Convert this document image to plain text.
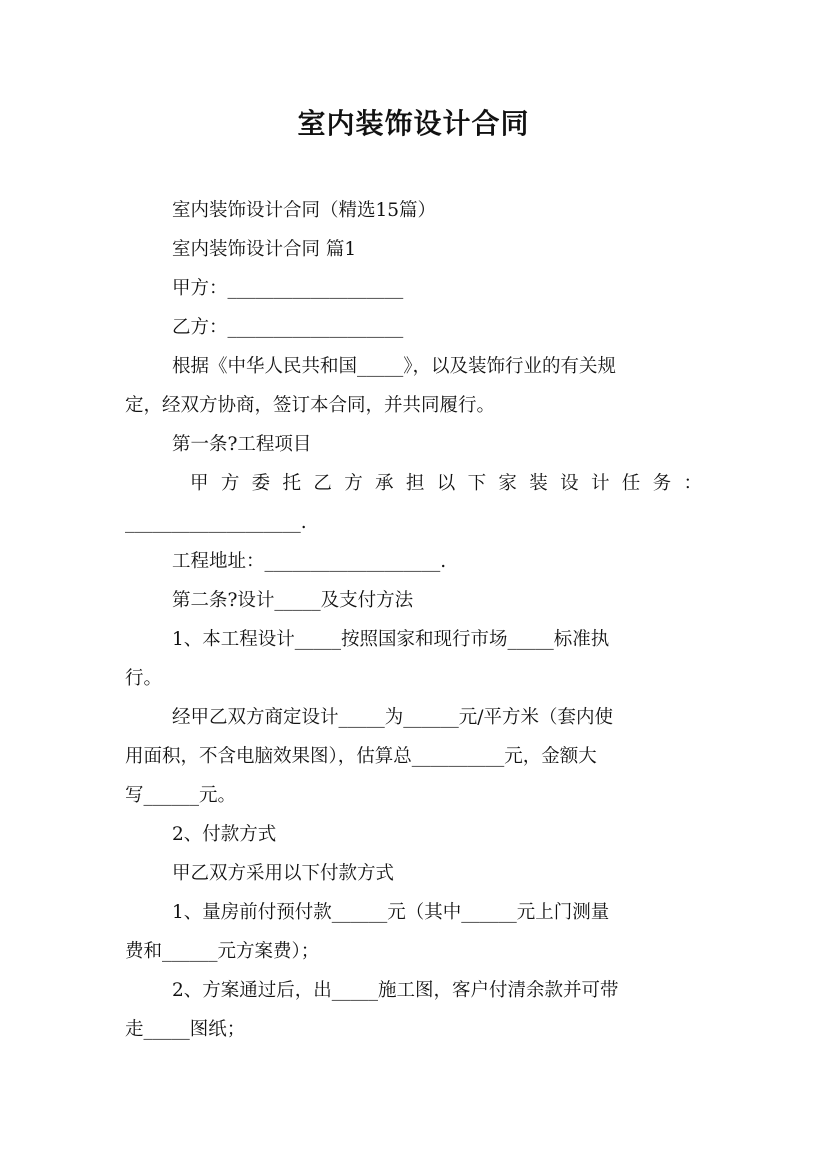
室内装饰设计合同

室内装饰设计合同（精选15篇）

室内装饰设计合同 篇1

甲方：___________________

乙方：___________________

根据《中华人民共和国_____》，以及装饰行业的有关规

定，经双方协商，签订本合同，并共同履行。

第一条?工程项目

甲方委托乙方承担以下家装设计任务：

___________________.

工程地址：___________________.

第二条?设计_____及支付方法

1、本工程设计_____按照国家和现行市场_____标准执

行。

经甲乙双方商定设计_____为______元/平方米（套内使

用面积，不含电脑效果图），估算总__________元，金额大

写______元。

2、付款方式

甲乙双方采用以下付款方式

1、量房前付预付款______元（其中______元上门测量

费和______元方案费）；

2、方案通过后，出_____施工图，客户付清余款并可带

走_____图纸；
